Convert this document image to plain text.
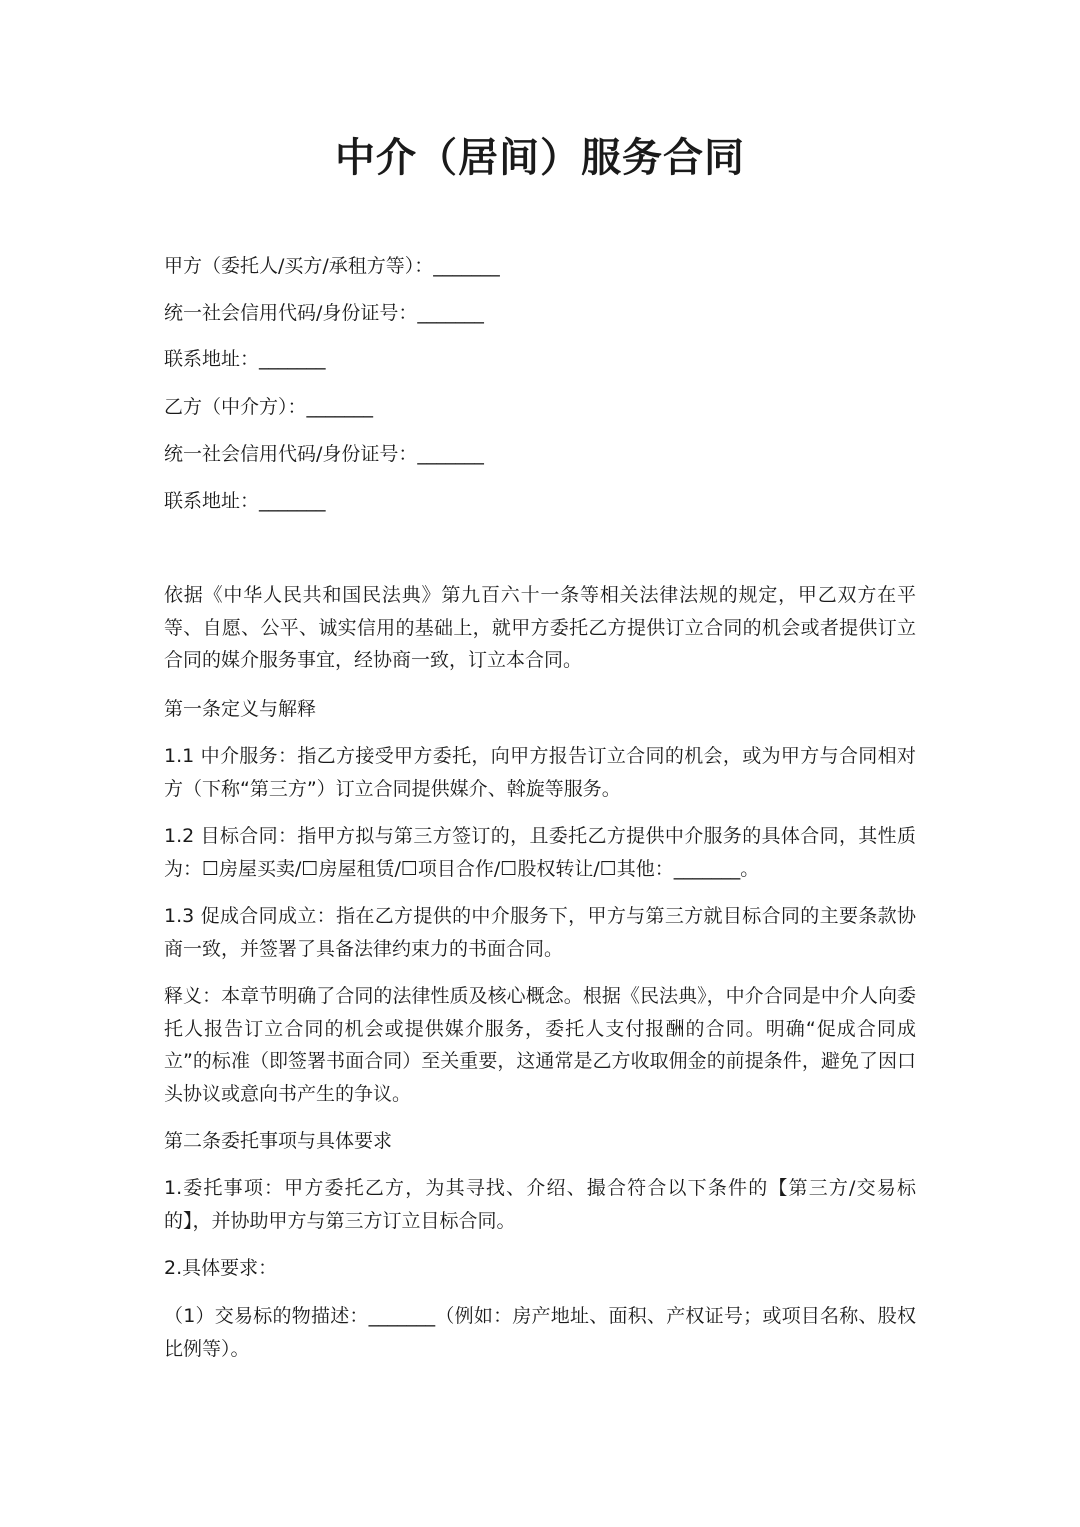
中介（居间）服务合同

甲方（委托人/买方/承租方等）：_______

统一社会信用代码/身份证号：_______

联系地址：_______

乙方（中介方）：_______

统一社会信用代码/身份证号：_______

联系地址：_______

依据《中华人民共和国民法典》第九百六十一条等相关法律法规的规定，甲乙双方在平等、自愿、公平、诚实信用的基础上，就甲方委托乙方提供订立合同的机会或者提供订立合同的媒介服务事宜，经协商一致，订立本合同。

第一条定义与解释

1.1 中介服务：指乙方接受甲方委托，向甲方报告订立合同的机会，或为甲方与合同相对方（下称“第三方”）订立合同提供媒介、斡旋等服务。

1.2 目标合同：指甲方拟与第三方签订的，且委托乙方提供中介服务的具体合同，其性质为：☐房屋买卖/☐房屋租赁/☐项目合作/☐股权转让/☐其他：_______。

1.3 促成合同成立：指在乙方提供的中介服务下，甲方与第三方就目标合同的主要条款协商一致，并签署了具备法律约束力的书面合同。

释义：本章节明确了合同的法律性质及核心概念。根据《民法典》，中介合同是中介人向委托人报告订立合同的机会或提供媒介服务，委托人支付报酬的合同。明确“促成合同成立”的标准（即签署书面合同）至关重要，这通常是乙方收取佣金的前提条件，避免了因口头协议或意向书产生的争议。

第二条委托事项与具体要求

1.委托事项：甲方委托乙方，为其寻找、介绍、撮合符合以下条件的【第三方/交易标的】，并协助甲方与第三方订立目标合同。

2.具体要求：

（1）交易标的物描述：_______（例如：房产地址、面积、产权证号；或项目名称、股权比例等）。
